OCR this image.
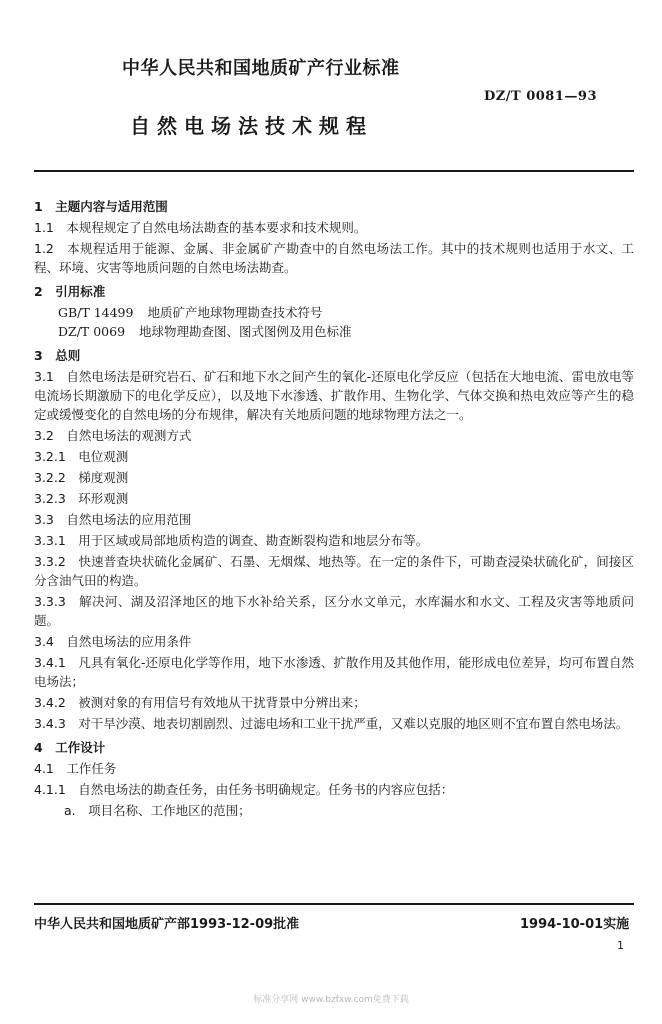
中华人民共和国地质矿产行业标准
DZ/T 0081—93
自然电场法技术规程
1　主题内容与适用范围
1.1　本规程规定了自然电场法勘查的基本要求和技术规则。
1.2　本规程适用于能源、金属、非金属矿产勘查中的自然电场法工作。其中的技术规则也适用于水文、工程、环境、灾害等地质问题的自然电场法勘查。
2　引用标准
GB/T 14499 地质矿产地球物理勘查技术符号
DZ/T 0069 地球物理勘查图、图式图例及用色标准
3　总则
3.1　自然电场法是研究岩石、矿石和地下水之间产生的氧化-还原电化学反应（包括在大地电流、雷电放电等电流场长期激励下的电化学反应），以及地下水渗透、扩散作用、生物化学、气体交换和热电效应等产生的稳定或缓慢变化的自然电场的分布规律，解决有关地质问题的地球物理方法之一。
3.2　自然电场法的观测方式
3.2.1　电位观测
3.2.2　梯度观测
3.2.3　环形观测
3.3　自然电场法的应用范围
3.3.1　用于区域或局部地质构造的调查、勘查断裂构造和地层分布等。
3.3.2　快速普查块状硫化金属矿、石墨、无烟煤、地热等。在一定的条件下，可勘查浸染状硫化矿，间接区分含油气田的构造。
3.3.3　解决河、湖及沼泽地区的地下水补给关系，区分水文单元，水库漏水和水文、工程及灾害等地质问题。
3.4　自然电场法的应用条件
3.4.1　凡具有氧化-还原电化学等作用，地下水渗透、扩散作用及其他作用，能形成电位差异，均可布置自然电场法；
3.4.2　被测对象的有用信号有效地从干扰背景中分辨出来；
3.4.3　对干旱沙漠、地表切割剧烈、过滤电场和工业干扰严重，又难以克服的地区则不宜布置自然电场法。
4　工作设计
4.1　工作任务
4.1.1　自然电场法的勘查任务，由任务书明确规定。任务书的内容应包括：
a.　项目名称、工作地区的范围；
中华人民共和国地质矿产部1993-12-09批准	1994-10-01实施
1
标准分享网 www.bzfxw.com免费下载
